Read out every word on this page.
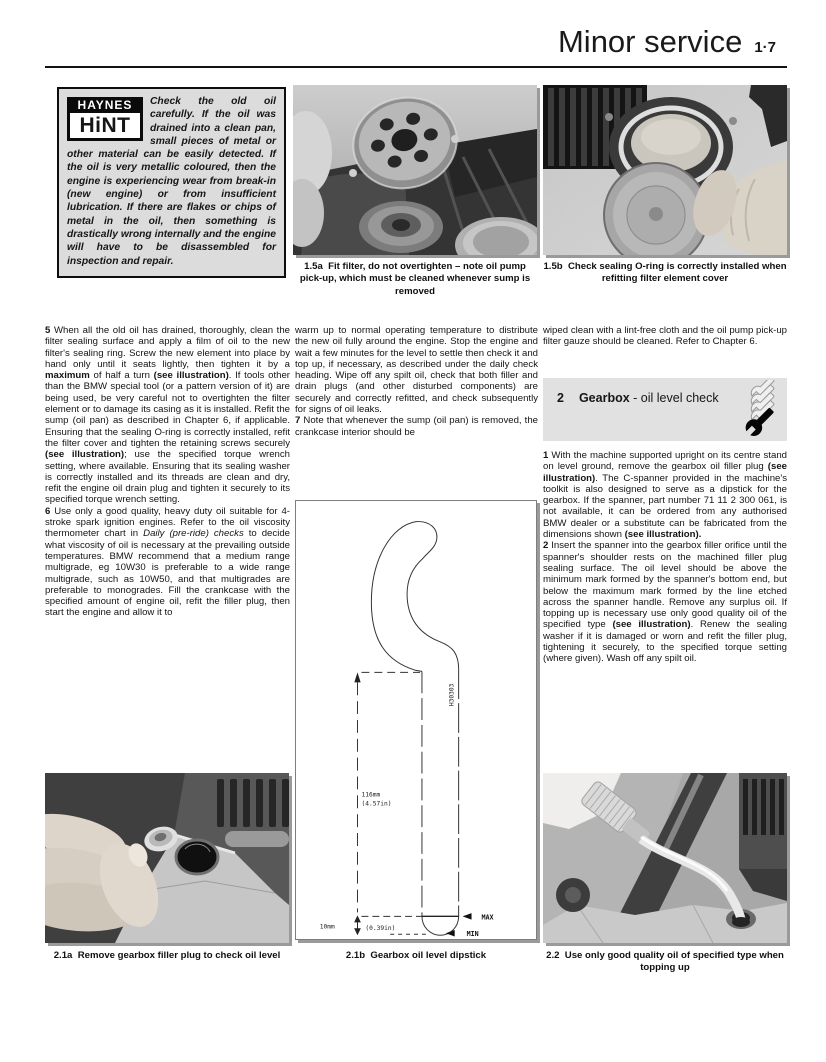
Minor service 1·7
HAYNES
HiNT
Check the old oil carefully. If the oil was drained into a clean pan, small pieces of metal or other material can be easily detected. If the oil is very metallic coloured, then the engine is experiencing wear from break-in (new engine) or from insufficient lubrication. If there are flakes or chips of metal in the oil, then something is drastically wrong internally and the engine will have to be disassembled for inspection and repair.	1.5a  Fit filter, do not overtighten – note oil pump pick-up, which must be cleaned whenever sump is removed
1.5b  Check sealing O-ring is correctly installed when refitting filter element cover

5 When all the old oil has drained, thoroughly, clean the filter sealing surface and apply a film of oil to the new filter's sealing ring. Screw the new element into place by hand only until it seats lightly, then tighten it by a maximum of half a turn (see illustration). If tools other than the BMW special tool (or a pattern version of it) are being used, be very careful not to overtighten the filter element or to damage its casing as it is installed. Refit the sump (oil pan) as described in Chapter 6, if applicable. Ensuring that the sealing O-ring is correctly installed, refit the filter cover and tighten the retaining screws securely (see illustration); use the specified torque wrench setting, where available. Ensuring that its sealing washer is correctly installed and its threads are clean and dry, refit the engine oil drain plug and tighten it securely to its specified torque wrench setting.

6 Use only a good quality, heavy duty oil suitable for 4-stroke spark ignition engines. Refer to the oil viscosity thermometer chart in Daily (pre-ride) checks to decide what viscosity of oil is necessary at the prevailing outside temperatures. BMW recommend that a medium range multigrade, eg 10W30 is preferable to a wide range multigrade, such as 10W50, and that multigrades are preferable to monogrades. Fill the crankcase with the specified amount of engine oil, refit the filler plug, then start the engine and allow it to

warm up to normal operating temperature to distribute the new oil fully around the engine. Stop the engine and wait a few minutes for the level to settle then check it and top up, if necessary, as described under the daily check heading. Wipe off any spilt oil, check that both filler and drain plugs (and other disturbed components) are securely and correctly refitted, and check subsequently for signs of oil leaks.

7 Note that whenever the sump (oil pan) is removed, the crankcase interior should be

wiped clean with a lint-free cloth and the oil pump pick-up filter gauze should be cleaned. Refer to Chapter 6.

2 Gearbox - oil level check

1 With the machine supported upright on its centre stand on level ground, remove the gearbox oil filler plug (see illustration). The C-spanner provided in the machine's toolkit is also designed to serve as a dipstick for the gearbox. If the spanner, part number 71 11 2 300 061, is not available, it can be ordered from any authorised BMW dealer or a substitute can be fabricated from the dimensions shown (see illustration).

2 Insert the spanner into the gearbox filler orifice until the spanner's shoulder rests on the machined filler plug sealing surface. The oil level should be above the minimum mark formed by the spanner's bottom end, but below the maximum mark formed by the line etched across the spanner handle. Remove any surplus oil. If topping up is necessary use only good quality oil of the specified type (see illustration). Renew the sealing washer if it is damaged or worn and refit the filler plug, tightening it securely, to the specified torque setting (where given). Wash off any spilt oil.

116mm
(4.57in)
10mm	(0.39in)
MAX
MIN
H30303
2.1b  Gearbox oil level dipstick
2.1a  Remove gearbox filler plug to check oil level	2.2  Use only good quality oil of specified type when topping up
